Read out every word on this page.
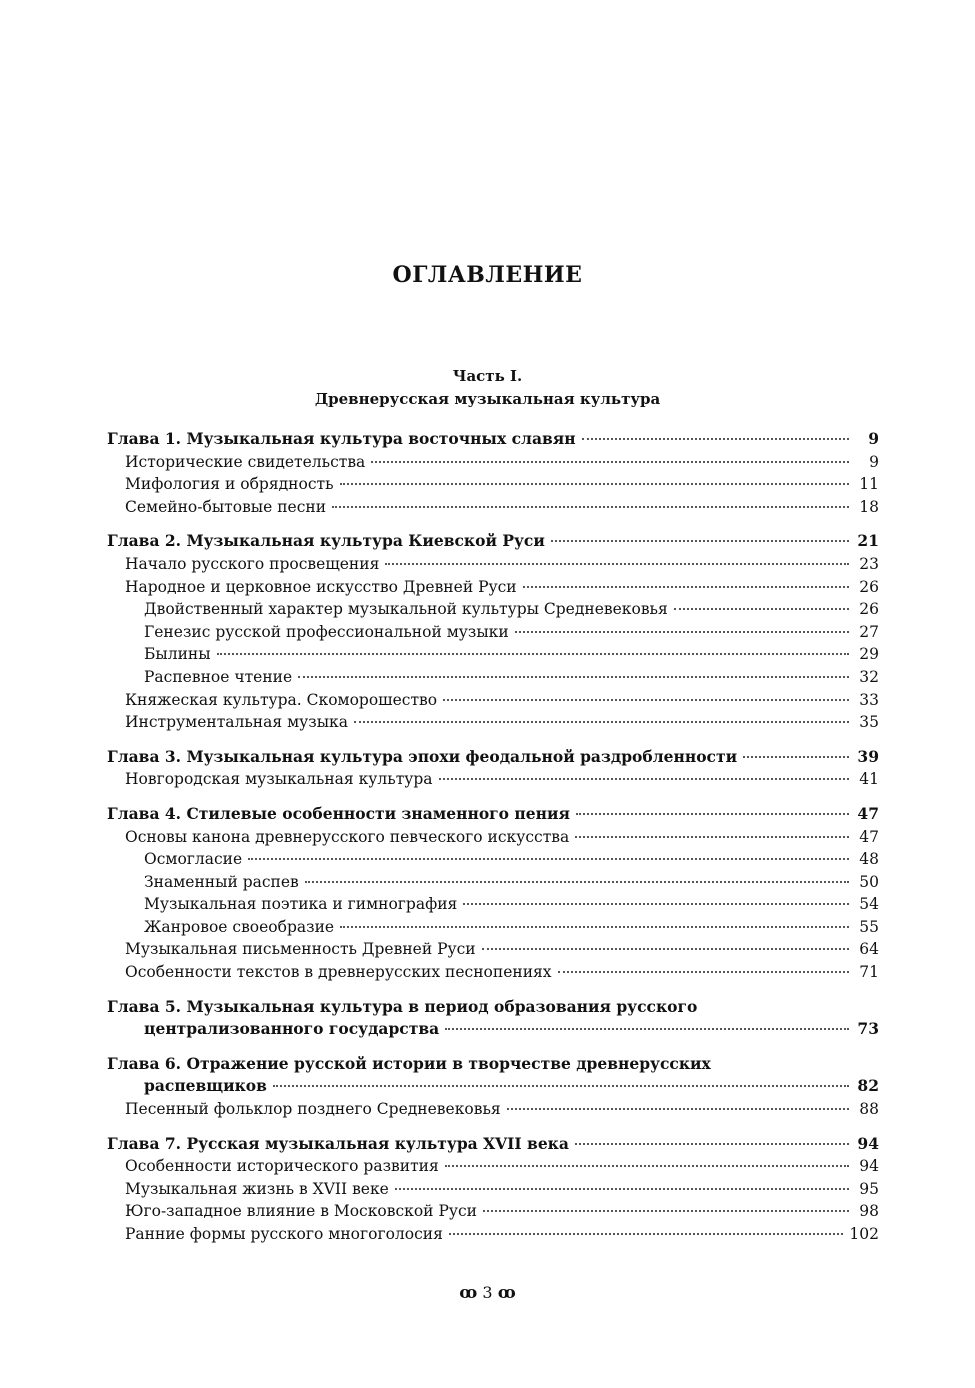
ОГЛАВЛЕНИЕ
Часть I.
Древнерусская музыкальная культура
Глава 1. Музыкальная культура восточных славян	9
Исторические свидетельства	9
Мифология и обрядность	11
Семейно-бытовые песни	18
Глава 2. Музыкальная культура Киевской Руси	21
Начало русского просвещения	23
Народное и церковное искусство Древней Руси	26
Двойственный характер музыкальной культуры Средневековья	26
Генезис русской профессиональной музыки	27
Былины	29
Распевное чтение	32
Княжеская культура. Скоморошество	33
Инструментальная музыка	35
Глава 3. Музыкальная культура эпохи феодальной раздробленности	39
Новгородская музыкальная культура	41
Глава 4. Стилевые особенности знаменного пения	47
Основы канона древнерусского певческого искусства	47
Осмогласие	48
Знаменный распев	50
Музыкальная поэтика и гимнография	54
Жанровое своеобразие	55
Музыкальная письменность Древней Руси	64
Особенности текстов в древнерусских песнопениях	71
Глава 5. Музыкальная культура в период образования русского
централизованного государства	73
Глава 6. Отражение русской истории в творчестве древнерусских
распевщиков	82
Песенный фольклор позднего Средневековья	88
Глава 7. Русская музыкальная культура XVII века	94
Особенности исторического развития	94
Музыкальная жизнь в XVII веке	95
Юго-западное влияние в Московской Руси	98
Ранние формы русского многоголосия	102
ꝏ 3 ꝏ
